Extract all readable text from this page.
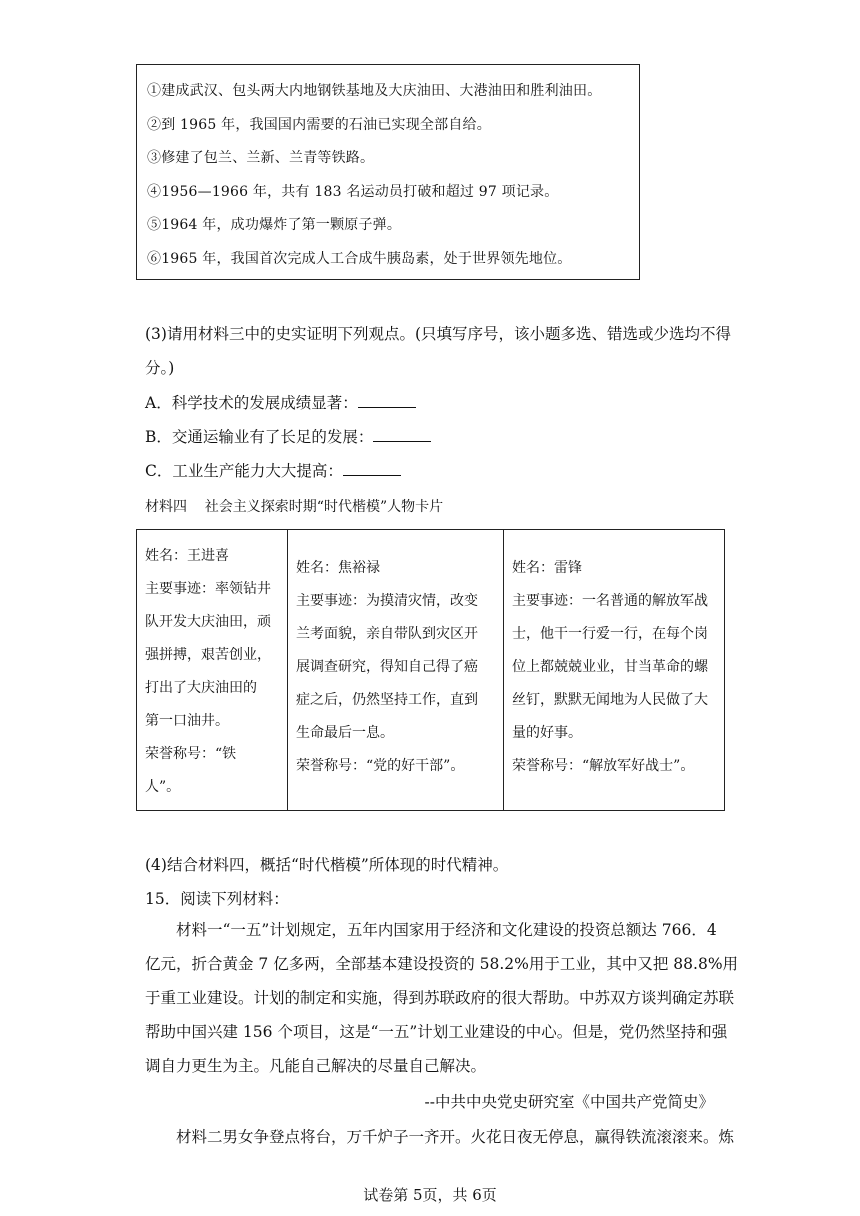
①建成武汉、包头两大内地钢铁基地及大庆油田、大港油田和胜利油田。
②到 1965 年，我国国内需要的石油已实现全部自给。
③修建了包兰、兰新、兰青等铁路。
④1956—1966 年，共有 183 名运动员打破和超过 97 项记录。
⑤1964 年，成功爆炸了第一颗原子弹。
⑥1965 年，我国首次完成人工合成牛胰岛素，处于世界领先地位。
(3)请用材料三中的史实证明下列观点。(只填写序号，该小题多选、错选或少选均不得
分。)
A．科学技术的发展成绩显著：
B．交通运输业有了长足的发展：
C．工业生产能力大大提高：
材料四    社会主义探索时期“时代楷模”人物卡片
姓名：王进喜
主要事迹：率领钻井
队开发大庆油田，顽
强拼搏，艰苦创业，
打出了大庆油田的
第一口油井。
荣誉称号：“铁
人”。
姓名：焦裕禄
主要事迹：为摸清灾情，改变
兰考面貌，亲自带队到灾区开
展调查研究，得知自己得了癌
症之后，仍然坚持工作，直到
生命最后一息。
荣誉称号：“党的好干部”。
姓名：雷锋
主要事迹：一名普通的解放军战
士，他干一行爱一行，在每个岗
位上都兢兢业业，甘当革命的螺
丝钉，默默无闻地为人民做了大
量的好事。
荣誉称号：“解放军好战士”。
(4)结合材料四，概括“时代楷模”所体现的时代精神。
15．阅读下列材料：
材料一“一五”计划规定，五年内国家用于经济和文化建设的投资总额达 766．4
亿元，折合黄金 7 亿多两，全部基本建设投资的 58.2%用于工业，其中又把 88.8%用
于重工业建设。计划的制定和实施，得到苏联政府的很大帮助。中苏双方谈判确定苏联
帮助中国兴建 156 个项目，这是“一五”计划工业建设的中心。但是，党仍然坚持和强
调自力更生为主。凡能自己解决的尽量自己解决。
--中共中央党史研究室《中国共产党简史》
材料二男女争登点将台，万千炉子一齐开。火花日夜无停息，赢得铁流滚滚来。炼
试卷第 5页，共 6页
